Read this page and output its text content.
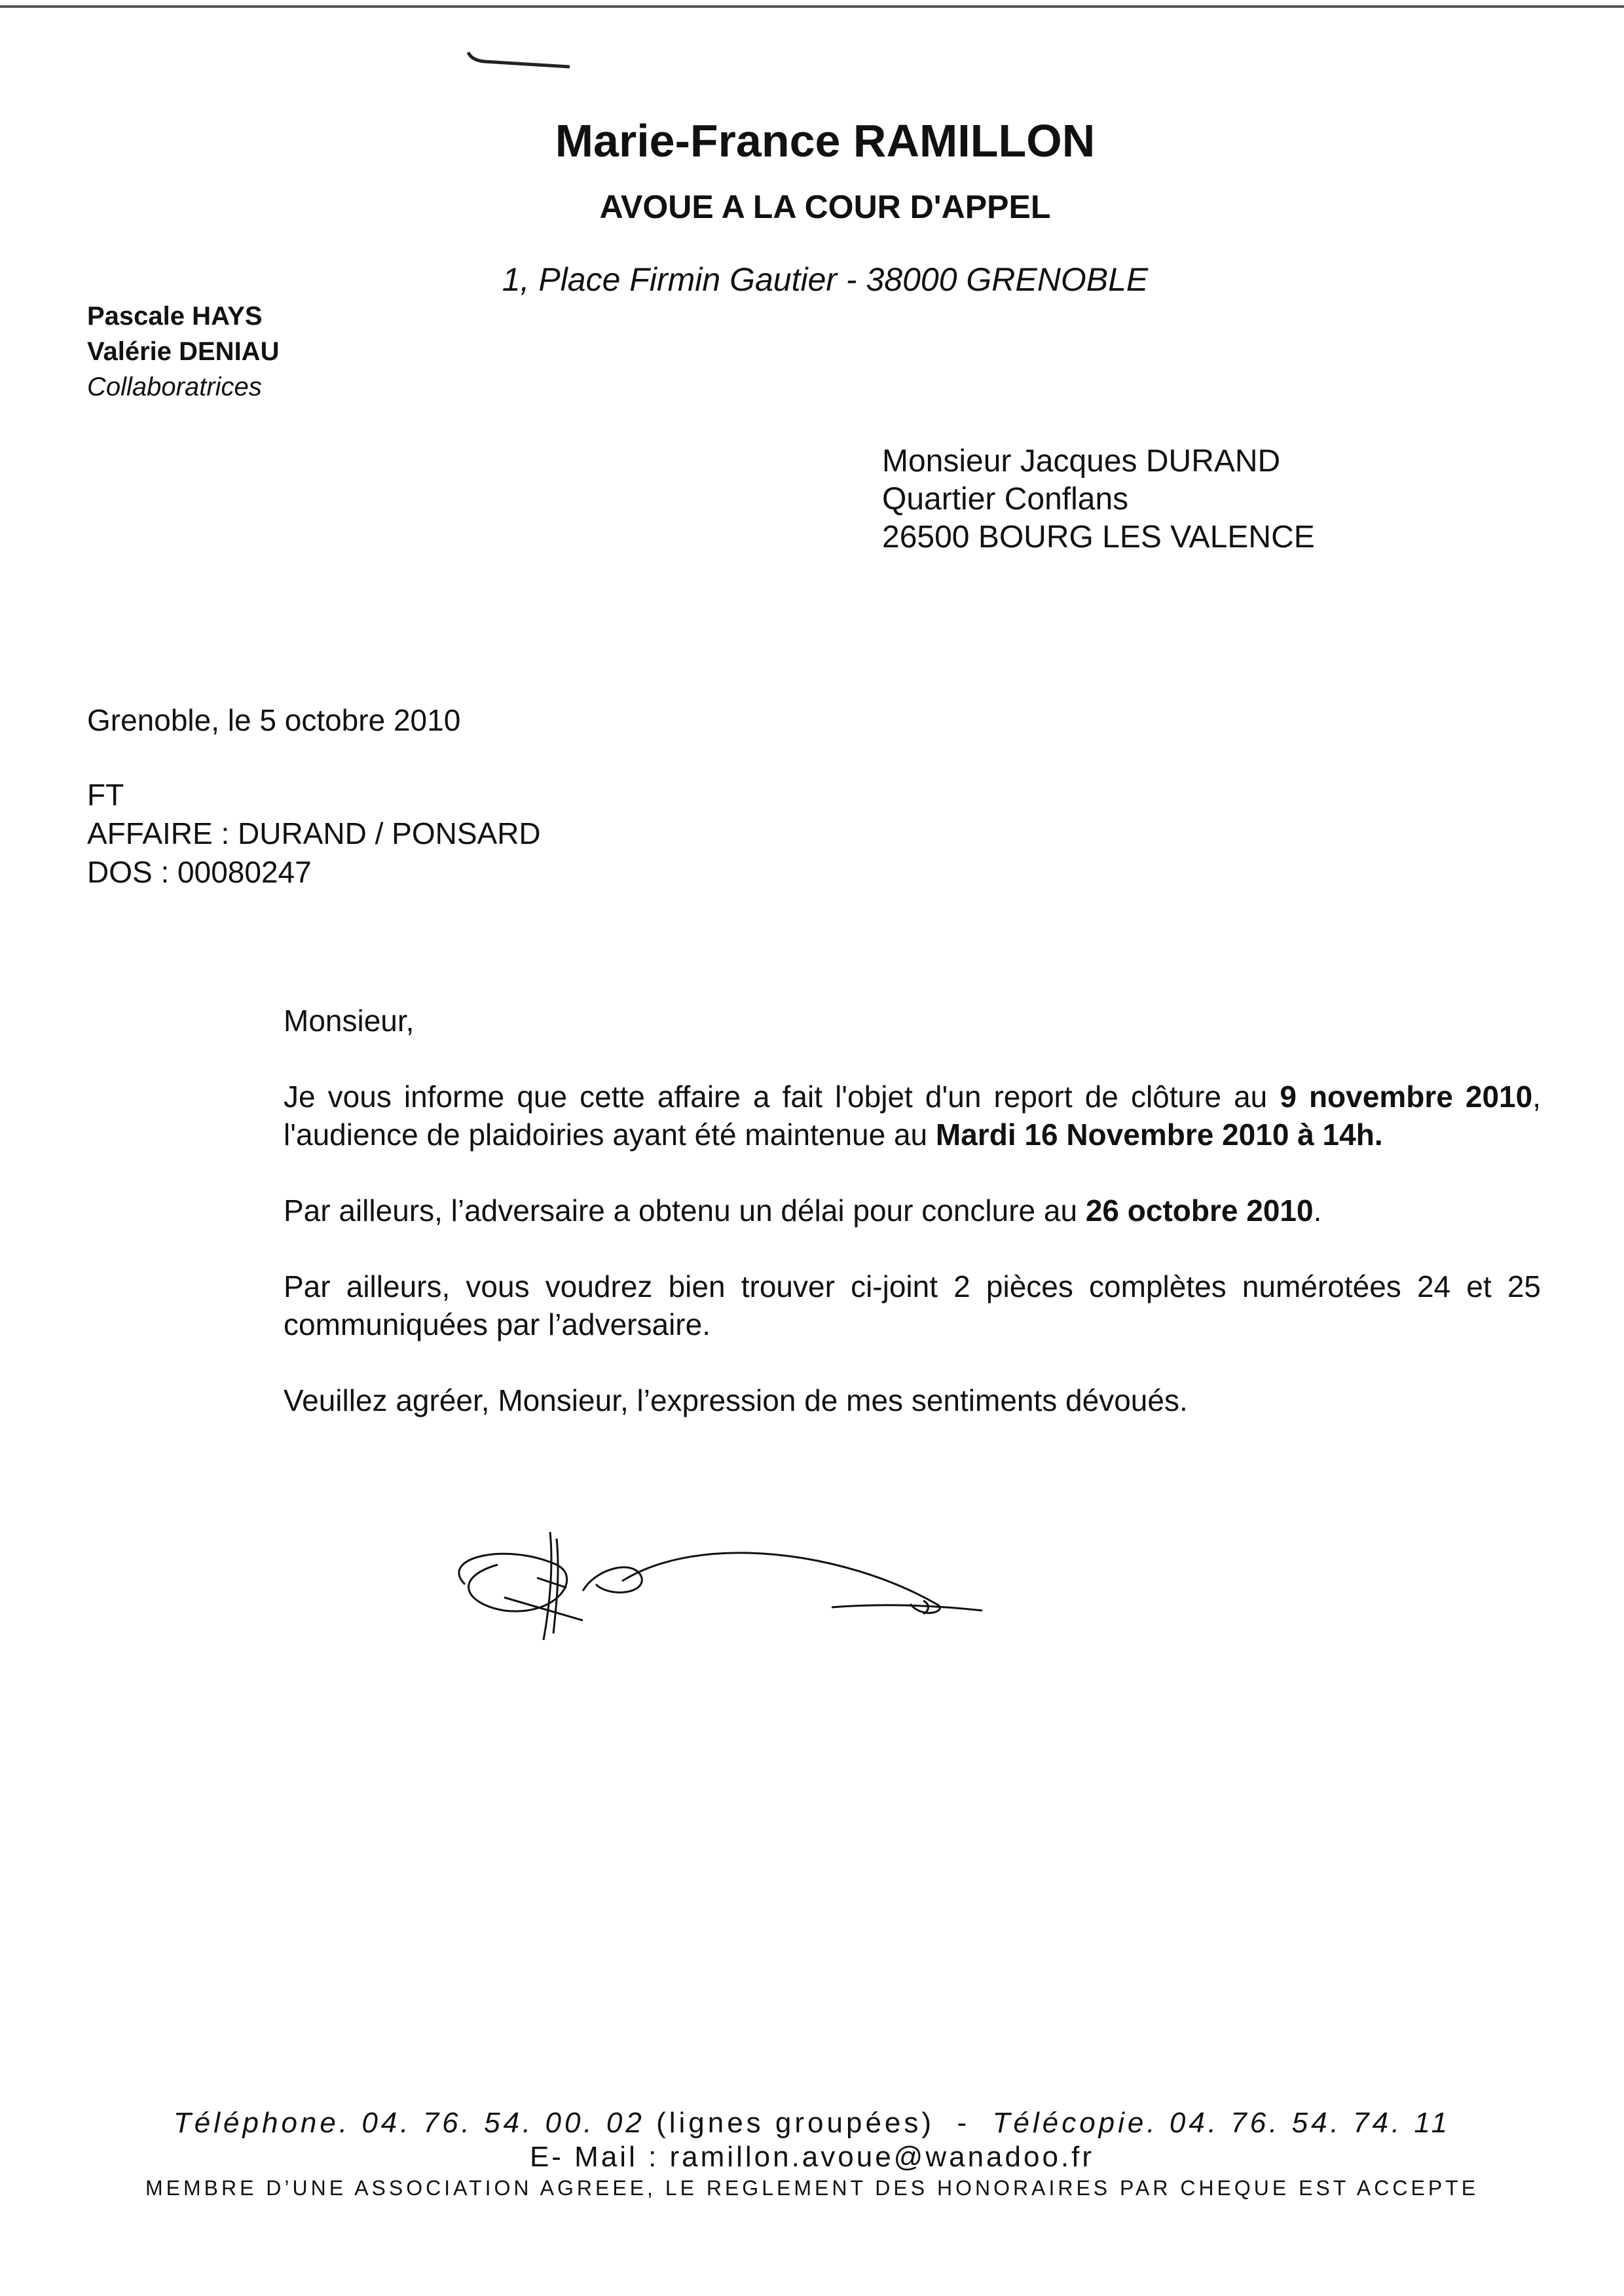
Marie-France RAMILLON
AVOUE A LA COUR D'APPEL
1, Place Firmin Gautier - 38000 GRENOBLE
Pascale HAYS
Valérie DENIAU
Collaboratrices
Monsieur Jacques DURAND
Quartier Conflans
26500 BOURG LES VALENCE
Grenoble, le 5 octobre 2010
FT
AFFAIRE : DURAND / PONSARD
DOS : 00080247

Monsieur,

Je vous informe que cette affaire a fait l'objet d'un report de clôture au 9 novembre 2010, l'audience de plaidoiries ayant été maintenue au Mardi 16 Novembre 2010 à 14h.

Par ailleurs, l’adversaire a obtenu un délai pour conclure au 26 octobre 2010.

Par ailleurs, vous voudrez bien trouver ci-joint 2 pièces complètes numérotées 24 et 25 communiquées par l’adversaire.

Veuillez agréer, Monsieur, l’expression de mes sentiments dévoués.

Téléphone. 04. 76. 54. 00. 02 (lignes groupées) - Télécopie. 04. 76. 54. 74. 11
E- Mail : ramillon.avoue@wanadoo.fr
MEMBRE D’UNE ASSOCIATION AGREEE, LE REGLEMENT DES HONORAIRES PAR CHEQUE EST ACCEPTE
